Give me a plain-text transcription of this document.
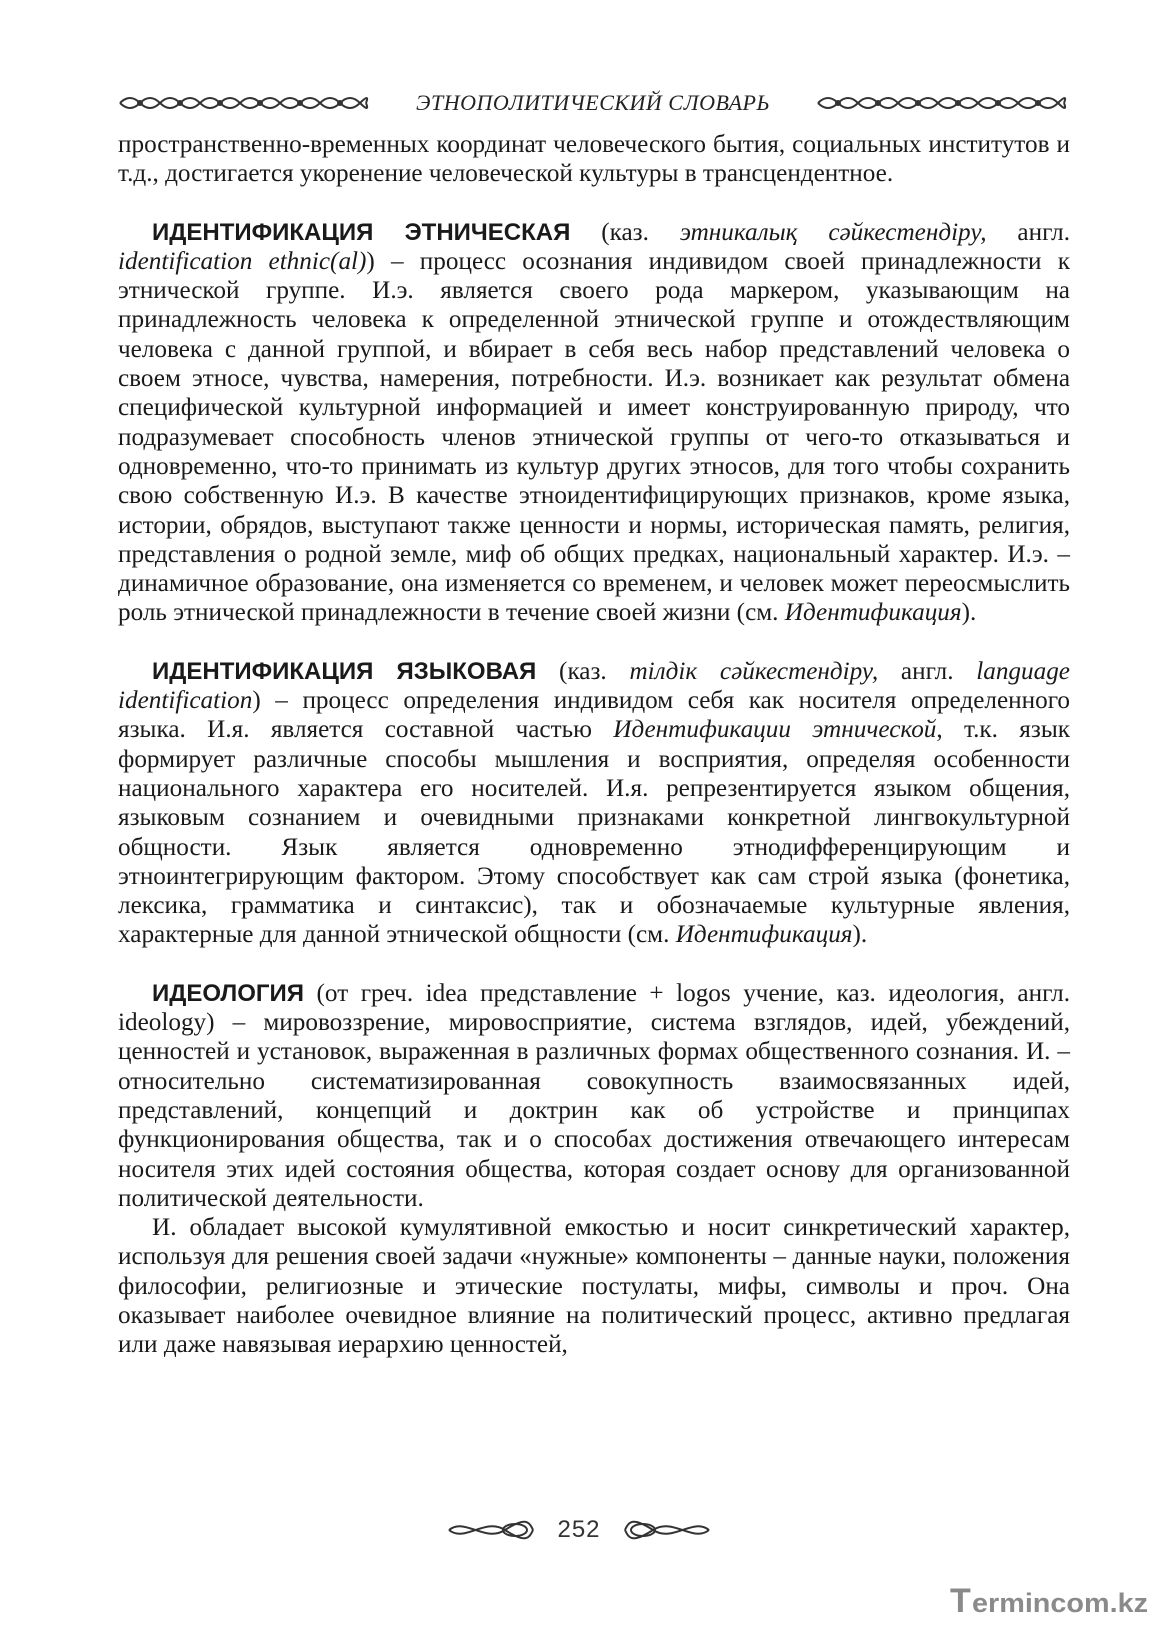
ЭТНОПОЛИТИЧЕСКИЙ СЛОВАРЬ

пространственно-временных координат человеческого бытия, социальных институтов и т.д., достигается укоренение человеческой культуры в трансцендентное.

ИДЕНТИФИКАЦИЯ ЭТНИЧЕСКАЯ (каз. этникалық сәйкестендіру, англ. identification ethnic(al)) – процесс осознания индивидом своей принадлежности к этнической группе. И.э. является своего рода маркером, указывающим на принадлежность человека к определенной этнической группе и отождествляющим человека с данной группой, и вбирает в себя весь набор представлений человека о своем этносе, чувства, намерения, потребности. И.э. возникает как результат обмена специфической культурной информацией и имеет конструированную природу, что подразумевает способность членов этнической группы от чего-то отказываться и одновременно, что-то принимать из культур других этносов, для того чтобы сохранить свою собственную И.э. В качестве этноидентифицирующих признаков, кроме языка, истории, обрядов, выступают также ценности и нормы, историческая память, религия, представления о родной земле, миф об общих предках, национальный характер. И.э. – динамичное образование, она изменяется со временем, и человек может переосмыслить роль этнической принадлежности в течение своей жизни (см. Идентификация).

ИДЕНТИФИКАЦИЯ ЯЗЫКОВАЯ (каз. тілдік сәйкестендіру, англ. language identification) – процесс определения индивидом себя как носителя определенного языка. И.я. является составной частью Идентификации этнической, т.к. язык формирует различные способы мышления и восприятия, определяя особенности национального характера его носителей. И.я. репрезентируется языком общения, языковым сознанием и очевидными признаками конкретной лингвокультурной общности. Язык является одновременно этнодифференцирующим и этноинтегрирующим фактором. Этому способствует как сам строй языка (фонетика, лексика, грамматика и синтаксис), так и обозначаемые культурные явления, характерные для данной этнической общности (см. Идентификация).

ИДЕОЛОГИЯ (от греч. idea представление + logos учение, каз. идеология, англ. ideology) – мировоззрение, мировосприятие, система взглядов, идей, убеждений, ценностей и установок, выраженная в различных формах общественного сознания. И. – относительно систематизированная совокупность взаимосвязанных идей, представлений, концепций и доктрин как об устройстве и принципах функционирования общества, так и о способах достижения отвечающего интересам носителя этих идей состояния общества, которая создает основу для организованной политической деятельности.

И. обладает высокой кумулятивной емкостью и носит синкретический характер, используя для решения своей задачи «нужные» компоненты – данные науки, положения философии, религиозные и этические постулаты, мифы, символы и проч. Она оказывает наиболее очевидное влияние на политический процесс, активно предлагая или даже навязывая иерархию ценностей,

252
T ermincom.kz
